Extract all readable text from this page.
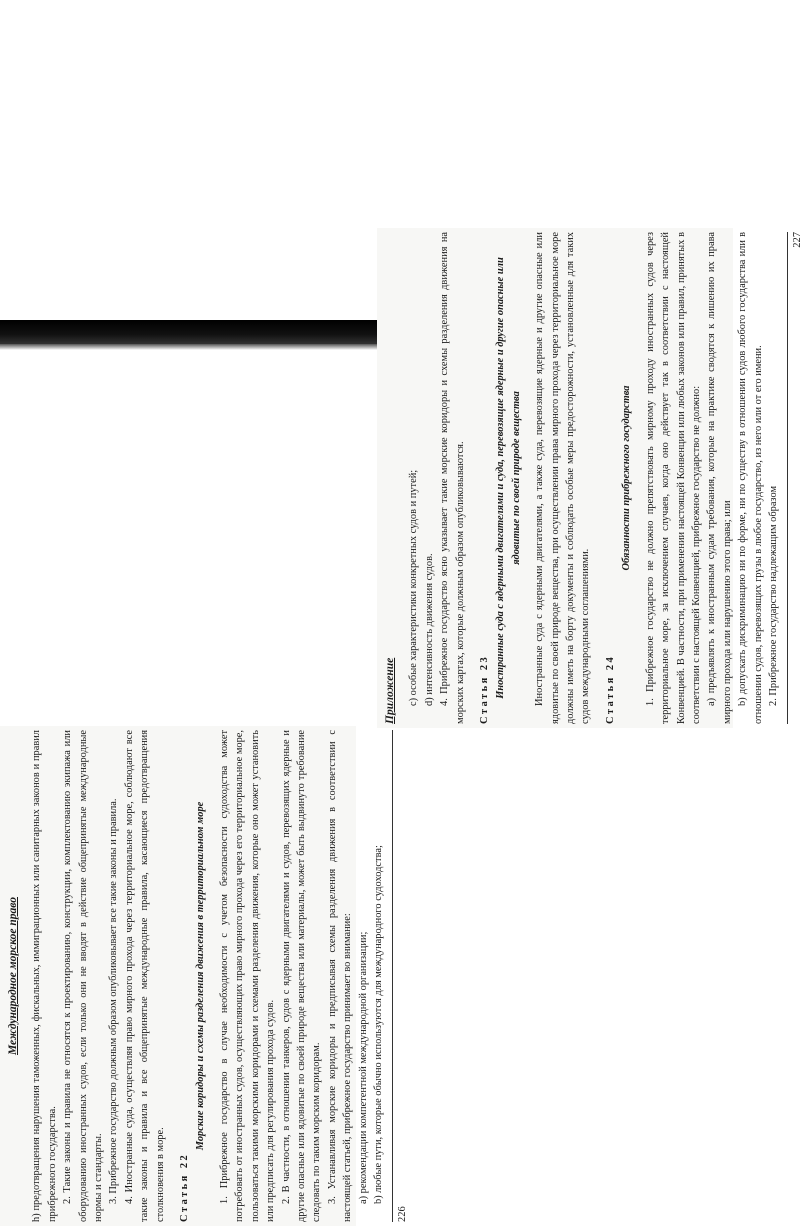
Международное морское право h) предотвращения нарушения таможенных, фискальных, иммиграционных или санитарных законов и правил прибрежного государства. 2. Такие законы и правила не относятся к проектированию, конструкции, комплектованию экипажа или оборудованию иностранных судов, если только они не вводят в действие общепринятые международные нормы и стандарты. 3. Прибрежное государство должным образом опубликовывает все такие законы и правила. 4. Иностранные суда, осуществляя право мирного прохода через территориальное море, соблюдают все такие законы и правила и все общепринятые международные правила, касающиеся предотвращения столкновения в море. Статья 22
Морские коридоры и схемы разделения движения в территориальном море 1. Прибрежное государство в случае необходимости с учетом безопасности судоходства может потребовать от иностранных судов, осуществляющих право мирного прохода через его территориальное море, пользоваться такими морскими коридорами и схемами разделения движения, которые оно может установить или предписать для регулирования прохода судов. 2. В частности, в отношении танкеров, судов с ядерными двигателями и судов, перевозящих ядерные и другие опасные или ядовитые по своей природе вещества или материалы, может быть выдвинуто требование следовать по таким морским коридорам. 3. Устанавливая морские коридоры и предписывая схемы разделения движения в соответствии с настоящей статьей, прибрежное государство принимает во внимание: а) рекомендации компетентной международной организации; b) любые пути, которые обычно используются для международного судоходства;

226
Приложение с) особые характеристики конкретных судов и путей; d) интенсивность движения судов. 4. Прибрежное государство ясно указывает такие морские коридоры и схемы разделения движения на морских картах, которые должным образом опубликовываются. Статья 23 Иностранные суда с ядерными двигателями и суда, перевозящие ядерные и другие опасные или ядовитые по своей природе вещества Иностранные суда с ядерными двигателями, а также суда, перевозящие ядерные и другие опасные или ядовитые по своей природе вещества, при осуществлении права мирного прохода через территориальное море должны иметь на борту документы и соблюдать особые меры предосторожности, установленные для таких судов международными соглашениями. Статья 24
Обязанности прибрежного государства 1. Прибрежное государство не должно препятствовать мирному проходу иностранных судов через территориальное море, за исключением случаев, когда оно действует так в соответствии с настоящей Конвенцией. В частности, при применении настоящей Конвенции или любых законов или правил, принятых в соответствии с настоящей Конвенцией, прибрежное государство не должно: а) предъявлять к иностранным судам требования, которые на практике сводятся к лишению их права мирного прохода или нарушению этого права; или b) допускать дискриминацию ни по форме, ни по существу в отношении судов любого государства или в отношении судов, перевозящих грузы в любое государство, из него или от его имени. 2. Прибрежное государство надлежащим образом

227
